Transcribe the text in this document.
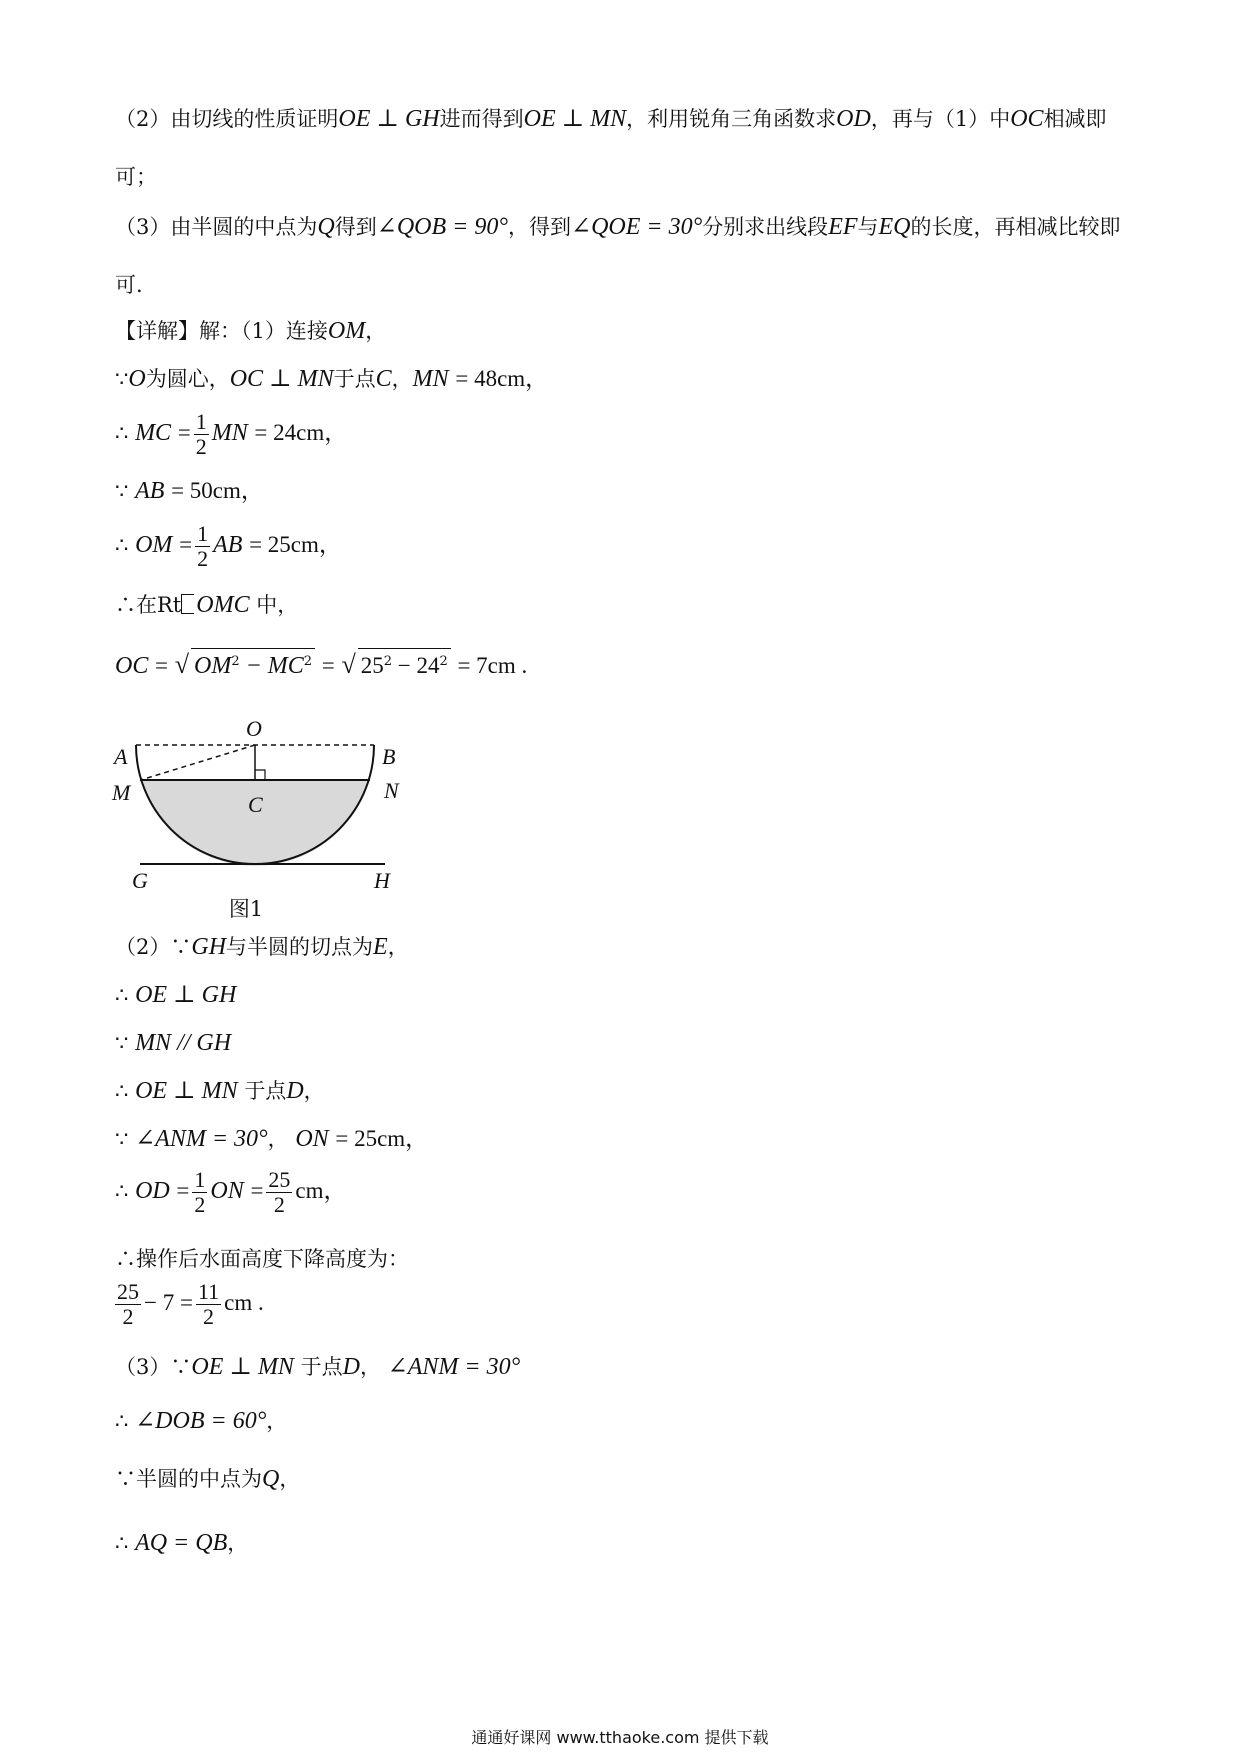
（2）由切线的性质证明OE ⊥ GH进而得到OE ⊥ MN，利用锐角三角函数求OD，再与（1）中OC相减即可；
（3）由半圆的中点为Q得到∠QOB = 90°，得到∠QOE = 30°分别求出线段EF与EQ的长度，再相减比较即可.
【详解】解：（1）连接OM，
∵O为圆心，OC ⊥ MN于点C，MN = 48cm，
∴ MC = $\frac{1}{2}$ MN = 24cm，
∵ AB = 50cm，
∴ OM = $\frac{1}{2}$ AB = 25cm，
∴在Rt OMC 中，
OC = √ $OM^2 - MC^2$ = √ $25^2 - 24^2 = 7cm$ .
A
O
B
M	N
C
G	H
图1
（2）∵GH与半圆的切点为E，
∴ OE ⊥ GH
∵ MN // GH
∴ OE ⊥ MN 于点D，
∵ ∠ANM = 30°， ON = 25cm，
∴ OD = $\frac{1}{2}$ ON = $\frac{25}{2}$ cm，
∴操作后水面高度下降高度为：
$\frac{25}{2} - 7 = \frac{11}{2}$ cm .
（3）∵OE ⊥ MN 于点D， ∠ANM = 30°
∴ ∠DOB = 60°，
∵半圆的中点为Q，
∴ AQ = QB，
通通好课网 www.tthaoke.com 提供下载
